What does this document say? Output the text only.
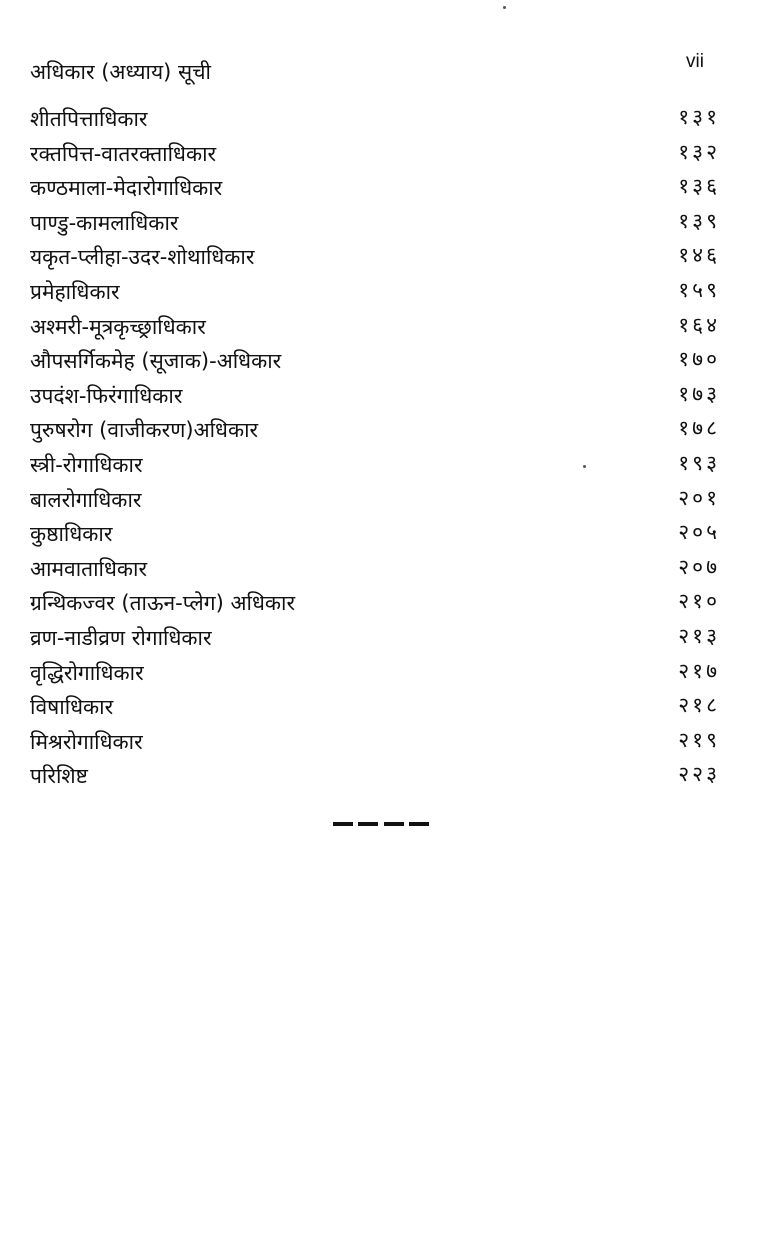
अधिकार (अध्याय) सूची	vii
शीतपित्ताधिकार	१३१
रक्तपित्त-वातरक्ताधिकार	१३२
कण्ठमाला-मेदारोगाधिकार	१३६
पाण्डु-कामलाधिकार	१३९
यकृत-प्लीहा-उदर-शोथाधिकार	१४६
प्रमेहाधिकार	१५९
अश्मरी-मूत्रकृच्छ्राधिकार	१६४
औपसर्गिकमेह (सूजाक)-अधिकार	१७०
उपदंश-फिरंगाधिकार	१७३
पुरुषरोग (वाजीकरण)अधिकार	१७८
स्त्री-रोगाधिकार	१९३
बालरोगाधिकार	२०१
कुष्ठाधिकार	२०५
आमवाताधिकार	२०७
ग्रन्थिकज्वर (ताऊन-प्लेग) अधिकार	२१०
व्रण-नाडीव्रण रोगाधिकार	२१३
वृद्धिरोगाधिकार	२१७
विषाधिकार	२१८
मिश्ररोगाधिकार	२१९
परिशिष्ट	२२३
